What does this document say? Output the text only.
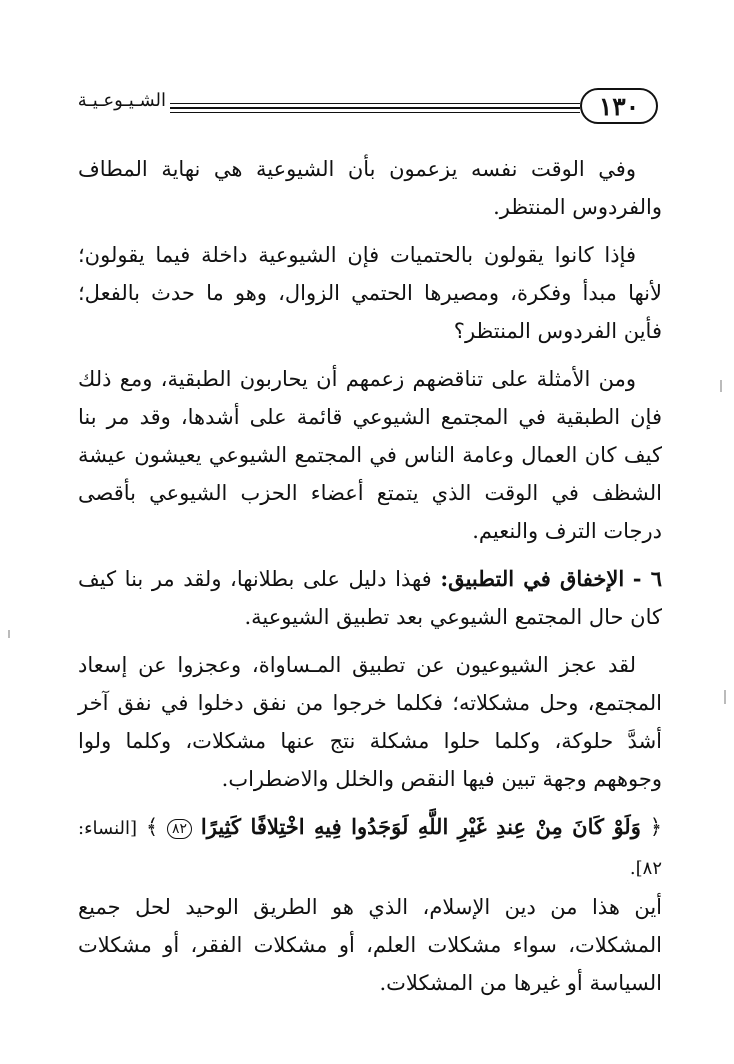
١٣٠
الشـيـوعـيـة

وفي الوقت نفسه يزعمون بأن الشيوعية هي نهاية المطاف والفردوس المنتظر.

فإذا كانوا يقولون بالحتميات فإن الشيوعية داخلة فيما يقولون؛ لأنها مبدأ وفكرة، ومصيرها الحتمي الزوال، وهو ما حدث بالفعل؛ فأين الفردوس المنتظر؟

ومن الأمثلة على تناقضهم زعمهم أن يحاربون الطبقية، ومع ذلك فإن الطبقية في المجتمع الشيوعي قائمة على أشدها، وقد مر بنا كيف كان العمال وعامة الناس في المجتمع الشيوعي يعيشون عيشة الشظف في الوقت الذي يتمتع أعضاء الحزب الشيوعي بأقصى درجات الترف والنعيم.

٦ - الإخفاق في التطبيق: فهذا دليل على بطلانها، ولقد مر بنا كيف كان حال المجتمع الشيوعي بعد تطبيق الشيوعية.

لقد عجز الشيوعيون عن تطبيق المـساواة، وعجزوا عن إسعاد المجتمع، وحل مشكلاته؛ فكلما خرجوا من نفق دخلوا في نفق آخر أشدَّ حلوكة، وكلما حلوا مشكلة نتج عنها مشكلات، وكلما ولوا وجوههم وجهة تبين فيها النقص والخلل والاضطراب.

﴿ وَلَوْ كَانَ مِنْ عِندِ غَيْرِ اللَّهِ لَوَجَدُوا فِيهِ اخْتِلافًا كَثِيرًا ٨٢ ﴾ [النساء: ٨٢].

أين هذا من دين الإسلام، الذي هو الطريق الوحيد لحل جميع المشكلات، سواء مشكلات العلم، أو مشكلات الفقر، أو مشكلات السياسة أو غيرها من المشكلات.
